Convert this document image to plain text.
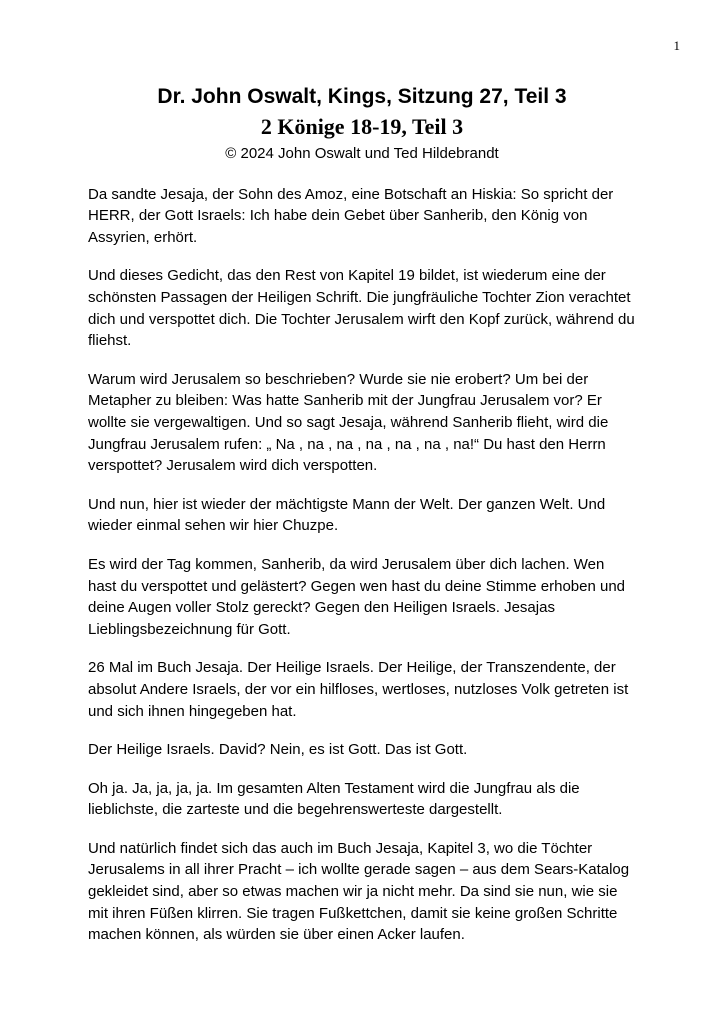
1
Dr. John Oswalt, Kings, Sitzung 27, Teil 3
2 Könige 18-19, Teil 3
© 2024 John Oswalt und Ted Hildebrandt

Da sandte Jesaja, der Sohn des Amoz, eine Botschaft an Hiskia: So spricht der HERR, der Gott Israels: Ich habe dein Gebet über Sanherib, den König von Assyrien, erhört.

Und dieses Gedicht, das den Rest von Kapitel 19 bildet, ist wiederum eine der schönsten Passagen der Heiligen Schrift. Die jungfräuliche Tochter Zion verachtet dich und verspottet dich. Die Tochter Jerusalem wirft den Kopf zurück, während du fliehst.

Warum wird Jerusalem so beschrieben? Wurde sie nie erobert? Um bei der Metapher zu bleiben: Was hatte Sanherib mit der Jungfrau Jerusalem vor? Er wollte sie vergewaltigen. Und so sagt Jesaja, während Sanherib flieht, wird die Jungfrau Jerusalem rufen: „ Na , na , na , na , na , na , na!“ Du hast den Herrn verspottet? Jerusalem wird dich verspotten.

Und nun, hier ist wieder der mächtigste Mann der Welt. Der ganzen Welt. Und wieder einmal sehen wir hier Chuzpe.

Es wird der Tag kommen, Sanherib, da wird Jerusalem über dich lachen. Wen hast du verspottet und gelästert? Gegen wen hast du deine Stimme erhoben und deine Augen voller Stolz gereckt? Gegen den Heiligen Israels. Jesajas Lieblingsbezeichnung für Gott.

26 Mal im Buch Jesaja. Der Heilige Israels. Der Heilige, der Transzendente, der absolut Andere Israels, der vor ein hilfloses, wertloses, nutzloses Volk getreten ist und sich ihnen hingegeben hat.

Der Heilige Israels. David? Nein, es ist Gott. Das ist Gott.

Oh ja. Ja, ja, ja, ja. Im gesamten Alten Testament wird die Jungfrau als die lieblichste, die zarteste und die begehrenswerteste dargestellt.

Und natürlich findet sich das auch im Buch Jesaja, Kapitel 3, wo die Töchter Jerusalems in all ihrer Pracht – ich wollte gerade sagen – aus dem Sears-Katalog gekleidet sind, aber so etwas machen wir ja nicht mehr. Da sind sie nun, wie sie mit ihren Füßen klirren. Sie tragen Fußkettchen, damit sie keine großen Schritte machen können, als würden sie über einen Acker laufen.
